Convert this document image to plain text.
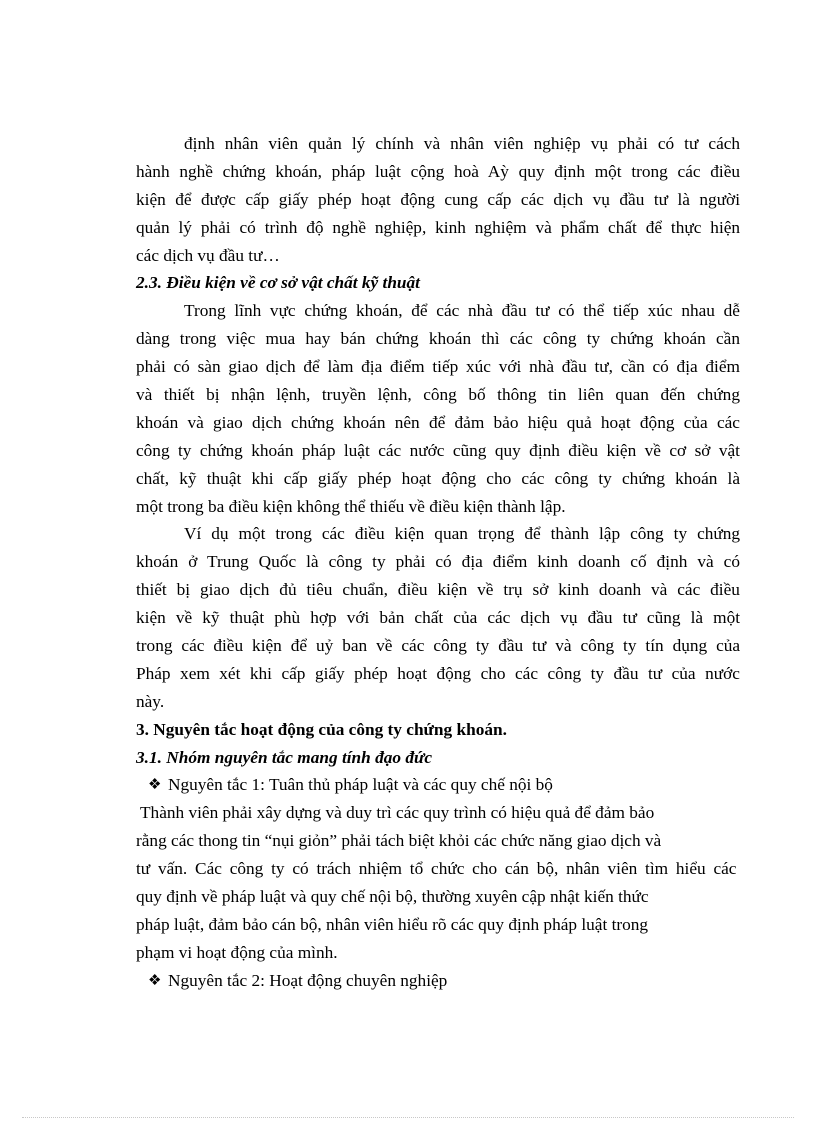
định nhân viên quản lý chính và nhân viên nghiệp vụ phải có tư cách
hành nghề chứng khoán, pháp luật cộng hoà Aỳ quy định một trong các điều
kiện để được cấp giấy phép hoạt động cung cấp các dịch vụ đầu tư là người
quản lý phải có trình độ nghề nghiệp, kinh nghiệm và phẩm chất để thực hiện
các dịch vụ đầu tư…
2.3. Điều kiện về cơ sở vật chất kỹ thuật
Trong lĩnh vực chứng khoán, để các nhà đầu tư có thể tiếp xúc nhau dễ
dàng trong việc mua hay bán chứng khoán thì các công ty chứng khoán cần
phải có sàn giao dịch để làm địa điểm tiếp xúc với nhà đầu tư, cần có địa điểm
và thiết bị nhận lệnh, truyền lệnh, công bố thông tin liên quan đến chứng
khoán và giao dịch chứng khoán nên để đảm bảo hiệu quả hoạt động của các
công ty chứng khoán pháp luật các nước cũng quy định điều kiện về cơ sở vật
chất, kỹ thuật khi cấp giấy phép hoạt động cho các công ty chứng khoán là
một trong ba điều kiện không thể thiếu về điều kiện thành lập.
Ví dụ một trong các điều kiện quan trọng để thành lập công ty chứng
khoán ở Trung Quốc là công ty phải có địa điểm kinh doanh cố định và có
thiết bị giao dịch đủ tiêu chuẩn, điều kiện về trụ sở kinh doanh và các điều
kiện về kỹ thuật phù hợp với bản chất của các dịch vụ đầu tư cũng là một
trong các điều kiện để uỷ ban về các công ty đầu tư và công ty tín dụng của
Pháp xem xét khi cấp giấy phép hoạt động cho các công ty đầu tư của nước
này.
3. Nguyên tắc hoạt động của công ty chứng khoán.
3.1. Nhóm nguyên tắc mang tính đạo đức
❖ Nguyên tắc 1: Tuân thủ pháp luật và các quy chế nội bộ
Thành viên phải xây dựng và duy trì các quy trình có hiệu quả để đảm bảo
rằng các thong tin “nụi giỏn” phải tách biệt khỏi các chức năng giao dịch và
tư vấn. Các công ty có trách nhiệm tổ chức cho cán bộ, nhân viên tìm hiểu các
quy định về pháp luật và quy chế nội bộ, thường xuyên cập nhật kiến thức
pháp luật, đảm bảo cán bộ, nhân viên hiểu rõ các quy định pháp luật trong
phạm vi hoạt động của mình.
❖ Nguyên tắc 2: Hoạt động chuyên nghiệp
